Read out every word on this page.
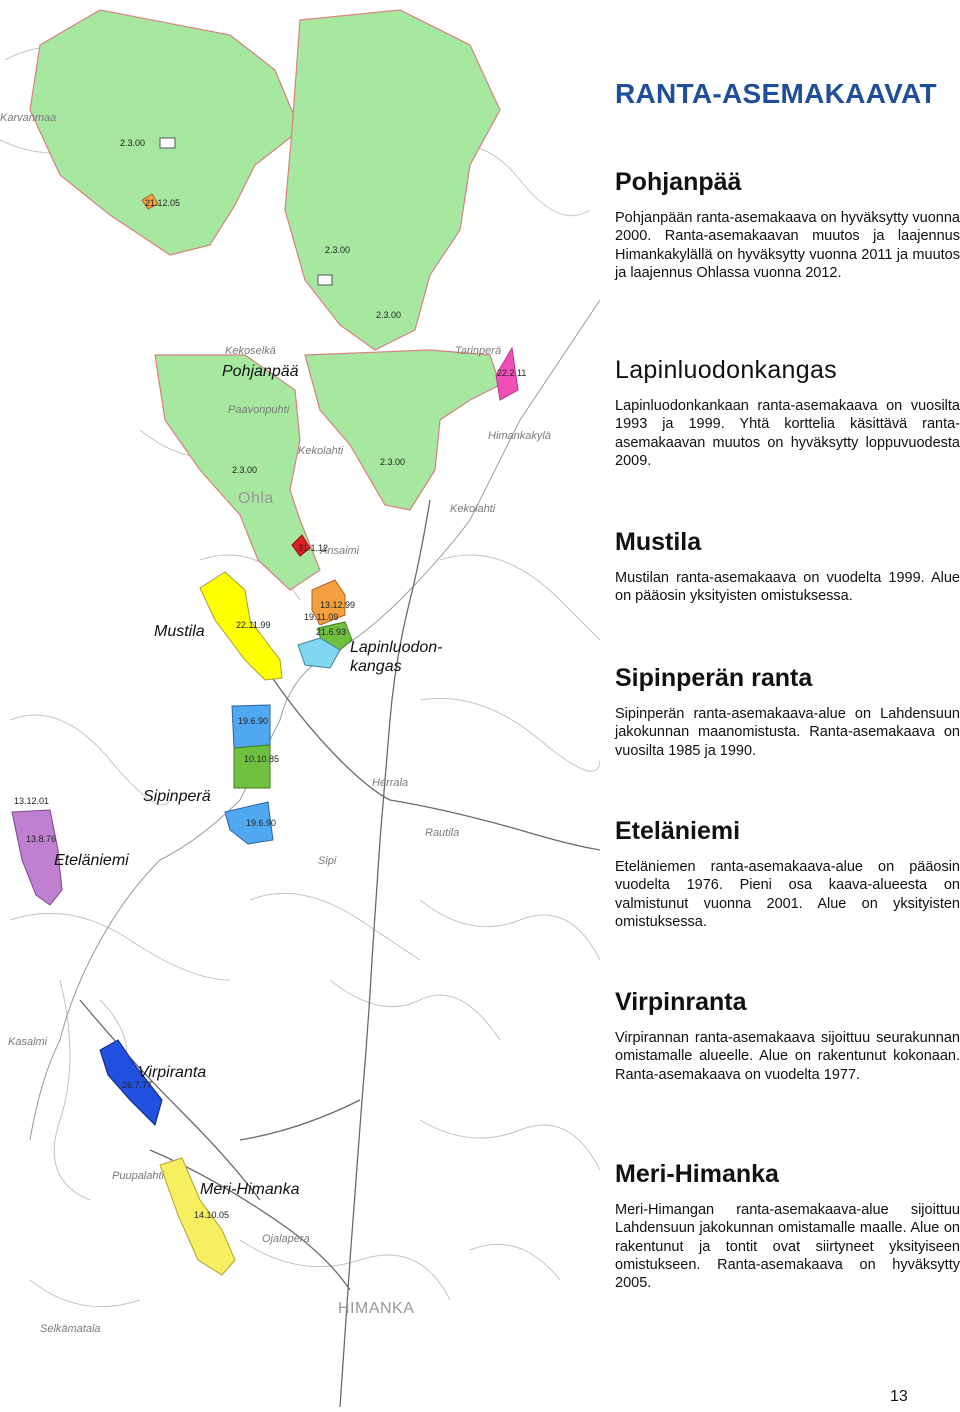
Karvanmaa
Kekoselkä
Paavonpuhti
Kekolahti
Kekolahti
Himankakylä
Tarinperä
Ohla
Herrala
Rautila
Sipi
Puupalahti
Ojalapera
HIMANKA
Selkämatala
Ansaimi
Kasalmi
2.3.00
21.12.05
2.3.00
22.2.11
2.3.00
2.3.00
2.3.00
31.1.12
22.11.99
13.12.99
19.11.09
21.6.93
19.6.90
10.10.85
19.6.90
13.12.01
13.8.76
26.7.77
14.10.05
Pohjanpää
Mustila
Lapinluodon-kangas
Sipinperä
Eteläniemi
Virpiranta
Meri-Himanka
RANTA-ASEMAKAAVAT
Pohjanpää

Pohjanpään ranta-asemakaava on hyväksytty vuonna 2000. Ranta-asemakaavan muutos ja laajennus Himankakylällä on hyväksytty vuonna 2011 ja muutos ja laajennus Ohlassa vuonna 2012.

Lapinluodonkangas

Lapinluodonkankaan ranta-asemakaava on vuosilta 1993 ja 1999. Yhtä korttelia käsittävä ranta-asemakaavan muutos on hyväksytty loppuvuodesta 2009.

Mustila

Mustilan ranta-asemakaava on vuodelta 1999. Alue on pääosin yksityisten omistuksessa.

Sipinperän ranta

Sipinperän ranta-asemakaava-alue on Lahdensuun jakokunnan maanomistusta. Ranta-asemakaava on vuosilta 1985 ja 1990.

Eteläniemi

Eteläniemen ranta-asemakaava-alue on pääosin vuodelta 1976. Pieni osa kaava-alueesta on valmistunut vuonna 2001. Alue on yksityisten omistuksessa.

Virpinranta

Virpirannan ranta-asemakaava sijoittuu seurakunnan omistamalle alueelle. Alue on rakentunut kokonaan. Ranta-asemakaava on vuodelta 1977.

Meri-Himanka

Meri-Himangan ranta-asemakaava-alue sijoittuu Lahdensuun jakokunnan omistamalle maalle. Alue on rakentunut ja tontit ovat siirtyneet yksityiseen omistukseen. Ranta-asemakaava on hyväksytty 2005.

13
